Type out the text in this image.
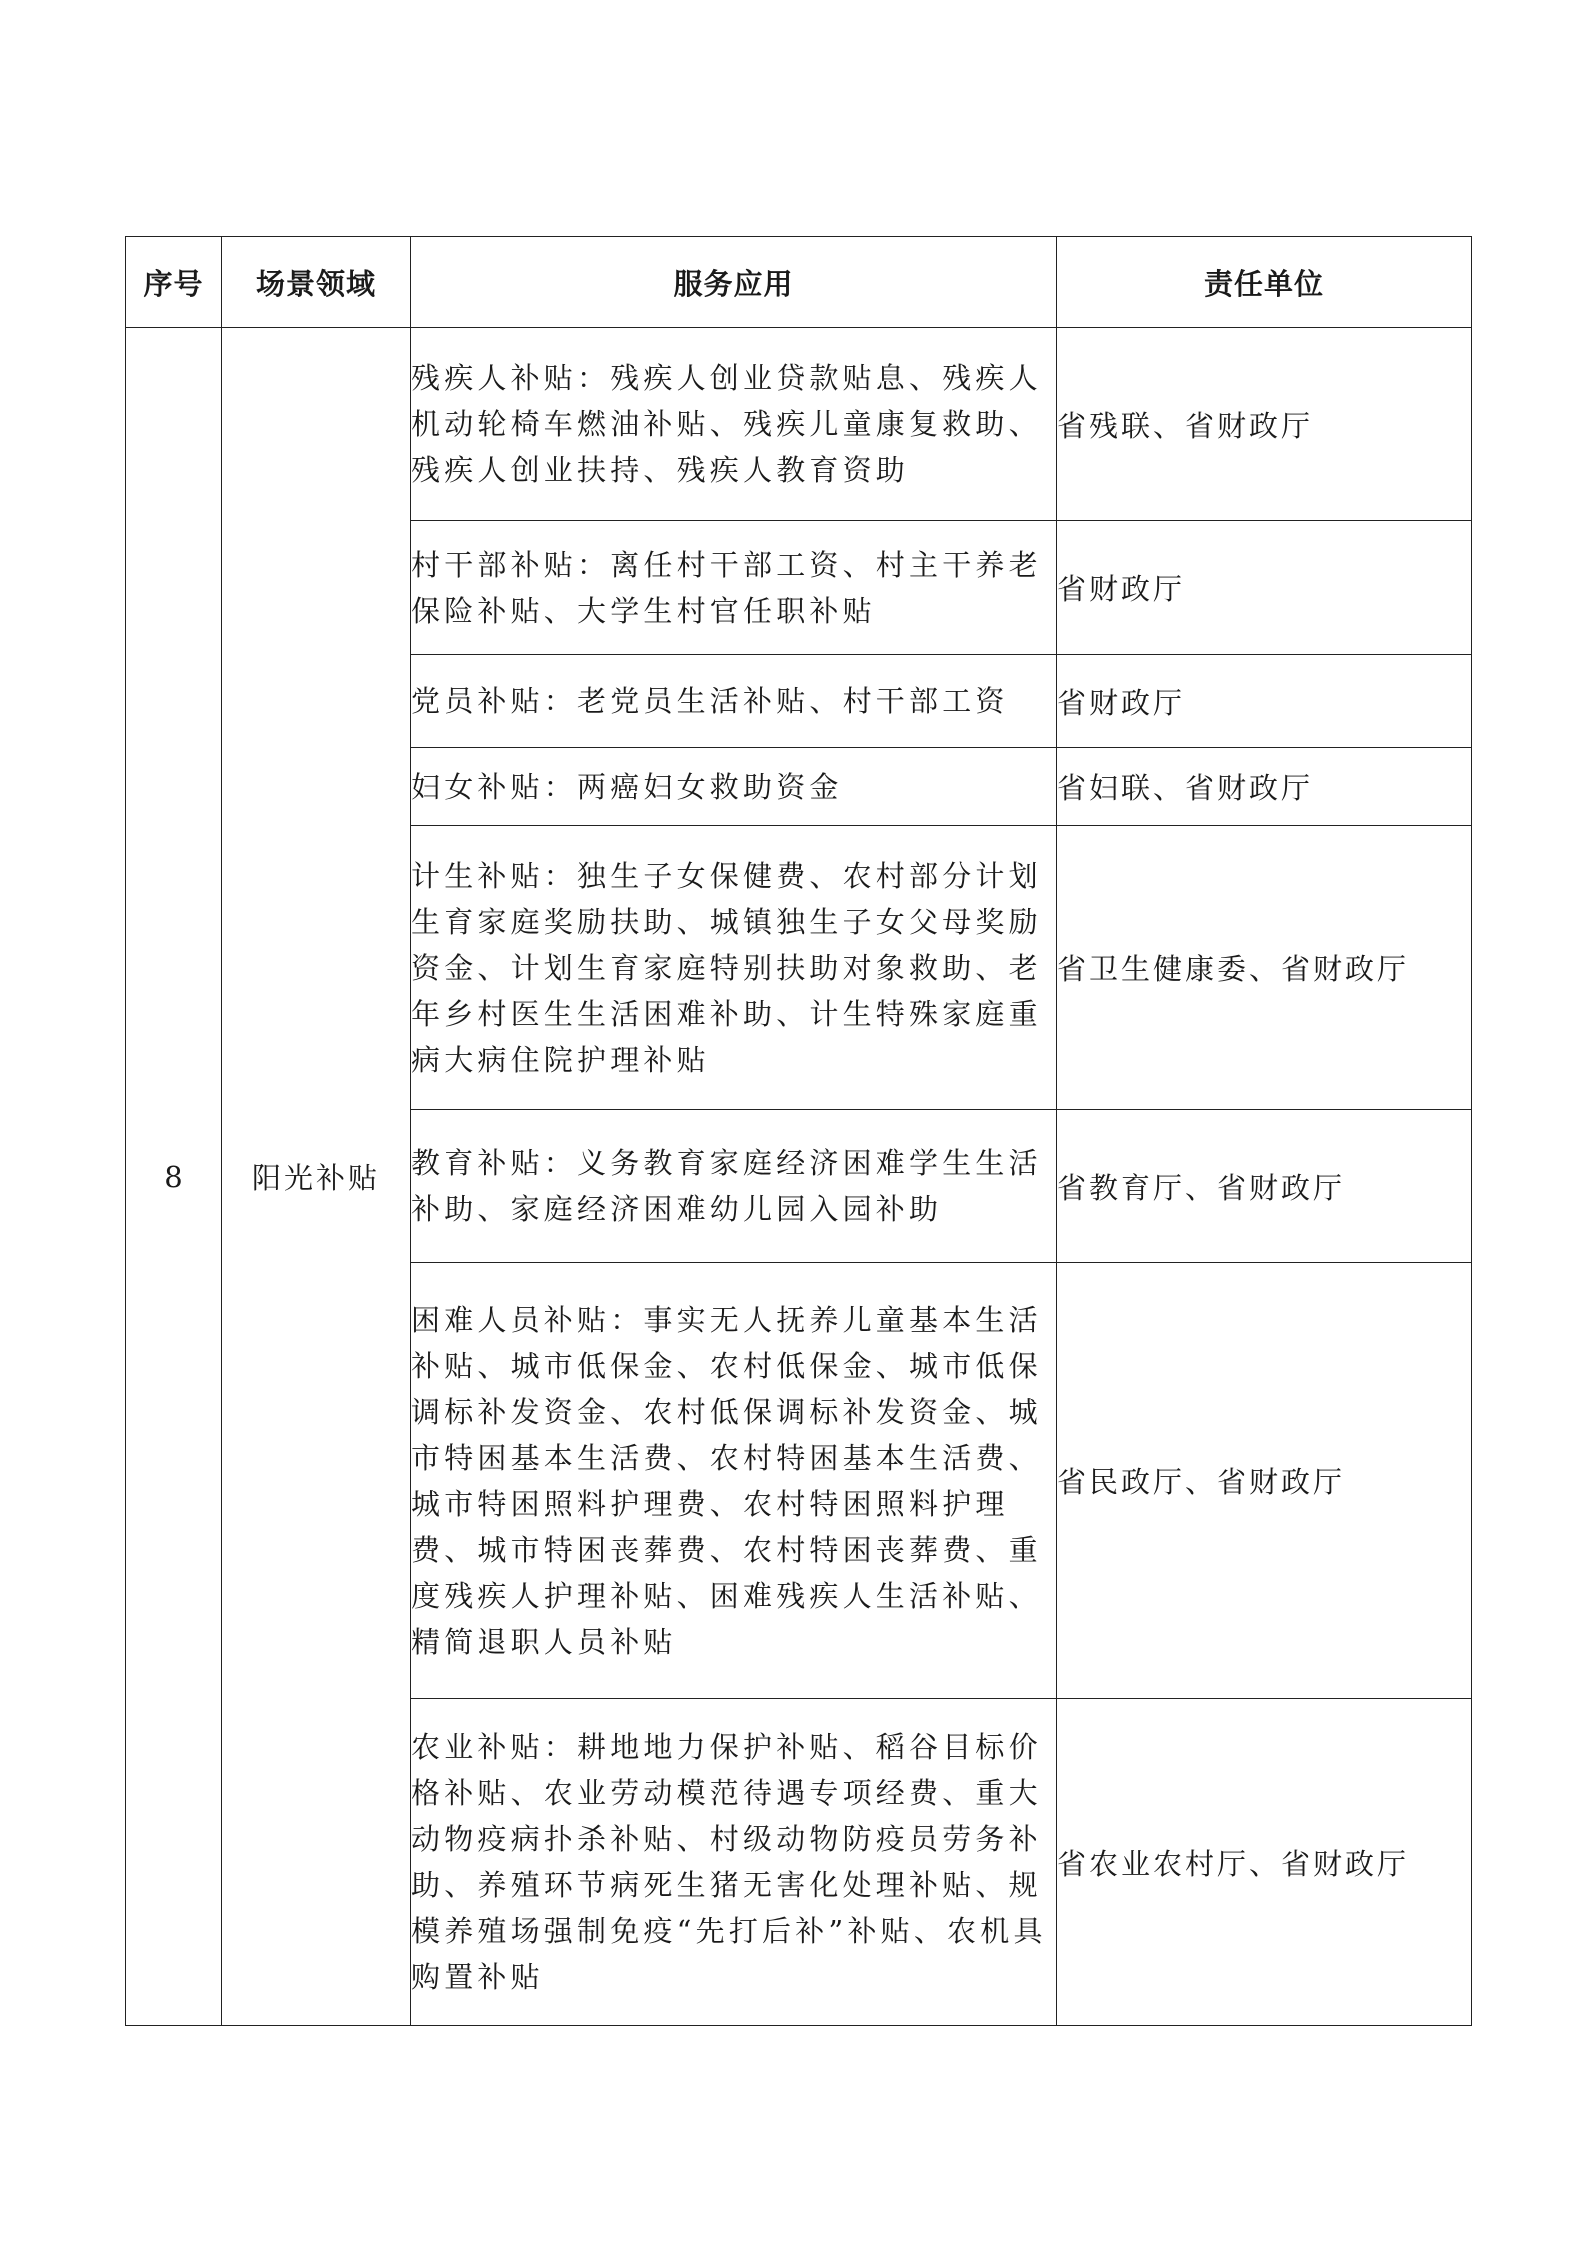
序号	场景领域	服务应用	责任单位
8	阳光补贴	残疾人补贴：残疾人创业贷款贴息、残疾人机动轮椅车燃油补贴、残疾儿童康复救助、残疾人创业扶持、残疾人教育资助	省残联、省财政厅
		村干部补贴：离任村干部工资、村主干养老保险补贴、大学生村官任职补贴	省财政厅
		党员补贴：老党员生活补贴、村干部工资	省财政厅
		妇女补贴：两癌妇女救助资金	省妇联、省财政厅
		计生补贴：独生子女保健费、农村部分计划生育家庭奖励扶助、城镇独生子女父母奖励资金、计划生育家庭特别扶助对象救助、老年乡村医生生活困难补助、计生特殊家庭重病大病住院护理补贴	省卫生健康委、省财政厅
		教育补贴：义务教育家庭经济困难学生生活补助、家庭经济困难幼儿园入园补助	省教育厅、省财政厅
		困难人员补贴：事实无人抚养儿童基本生活补贴、城市低保金、农村低保金、城市低保调标补发资金、农村低保调标补发资金、城市特困基本生活费、农村特困基本生活费、城市特困照料护理费、农村特困照料护理费、城市特困丧葬费、农村特困丧葬费、重度残疾人护理补贴、困难残疾人生活补贴、精简退职人员补贴	省民政厅、省财政厅
		农业补贴：耕地地力保护补贴、稻谷目标价格补贴、农业劳动模范待遇专项经费、重大动物疫病扑杀补贴、村级动物防疫员劳务补助、养殖环节病死生猪无害化处理补贴、规模养殖场强制免疫“先打后补”补贴、农机具购置补贴	省农业农村厅、省财政厅
